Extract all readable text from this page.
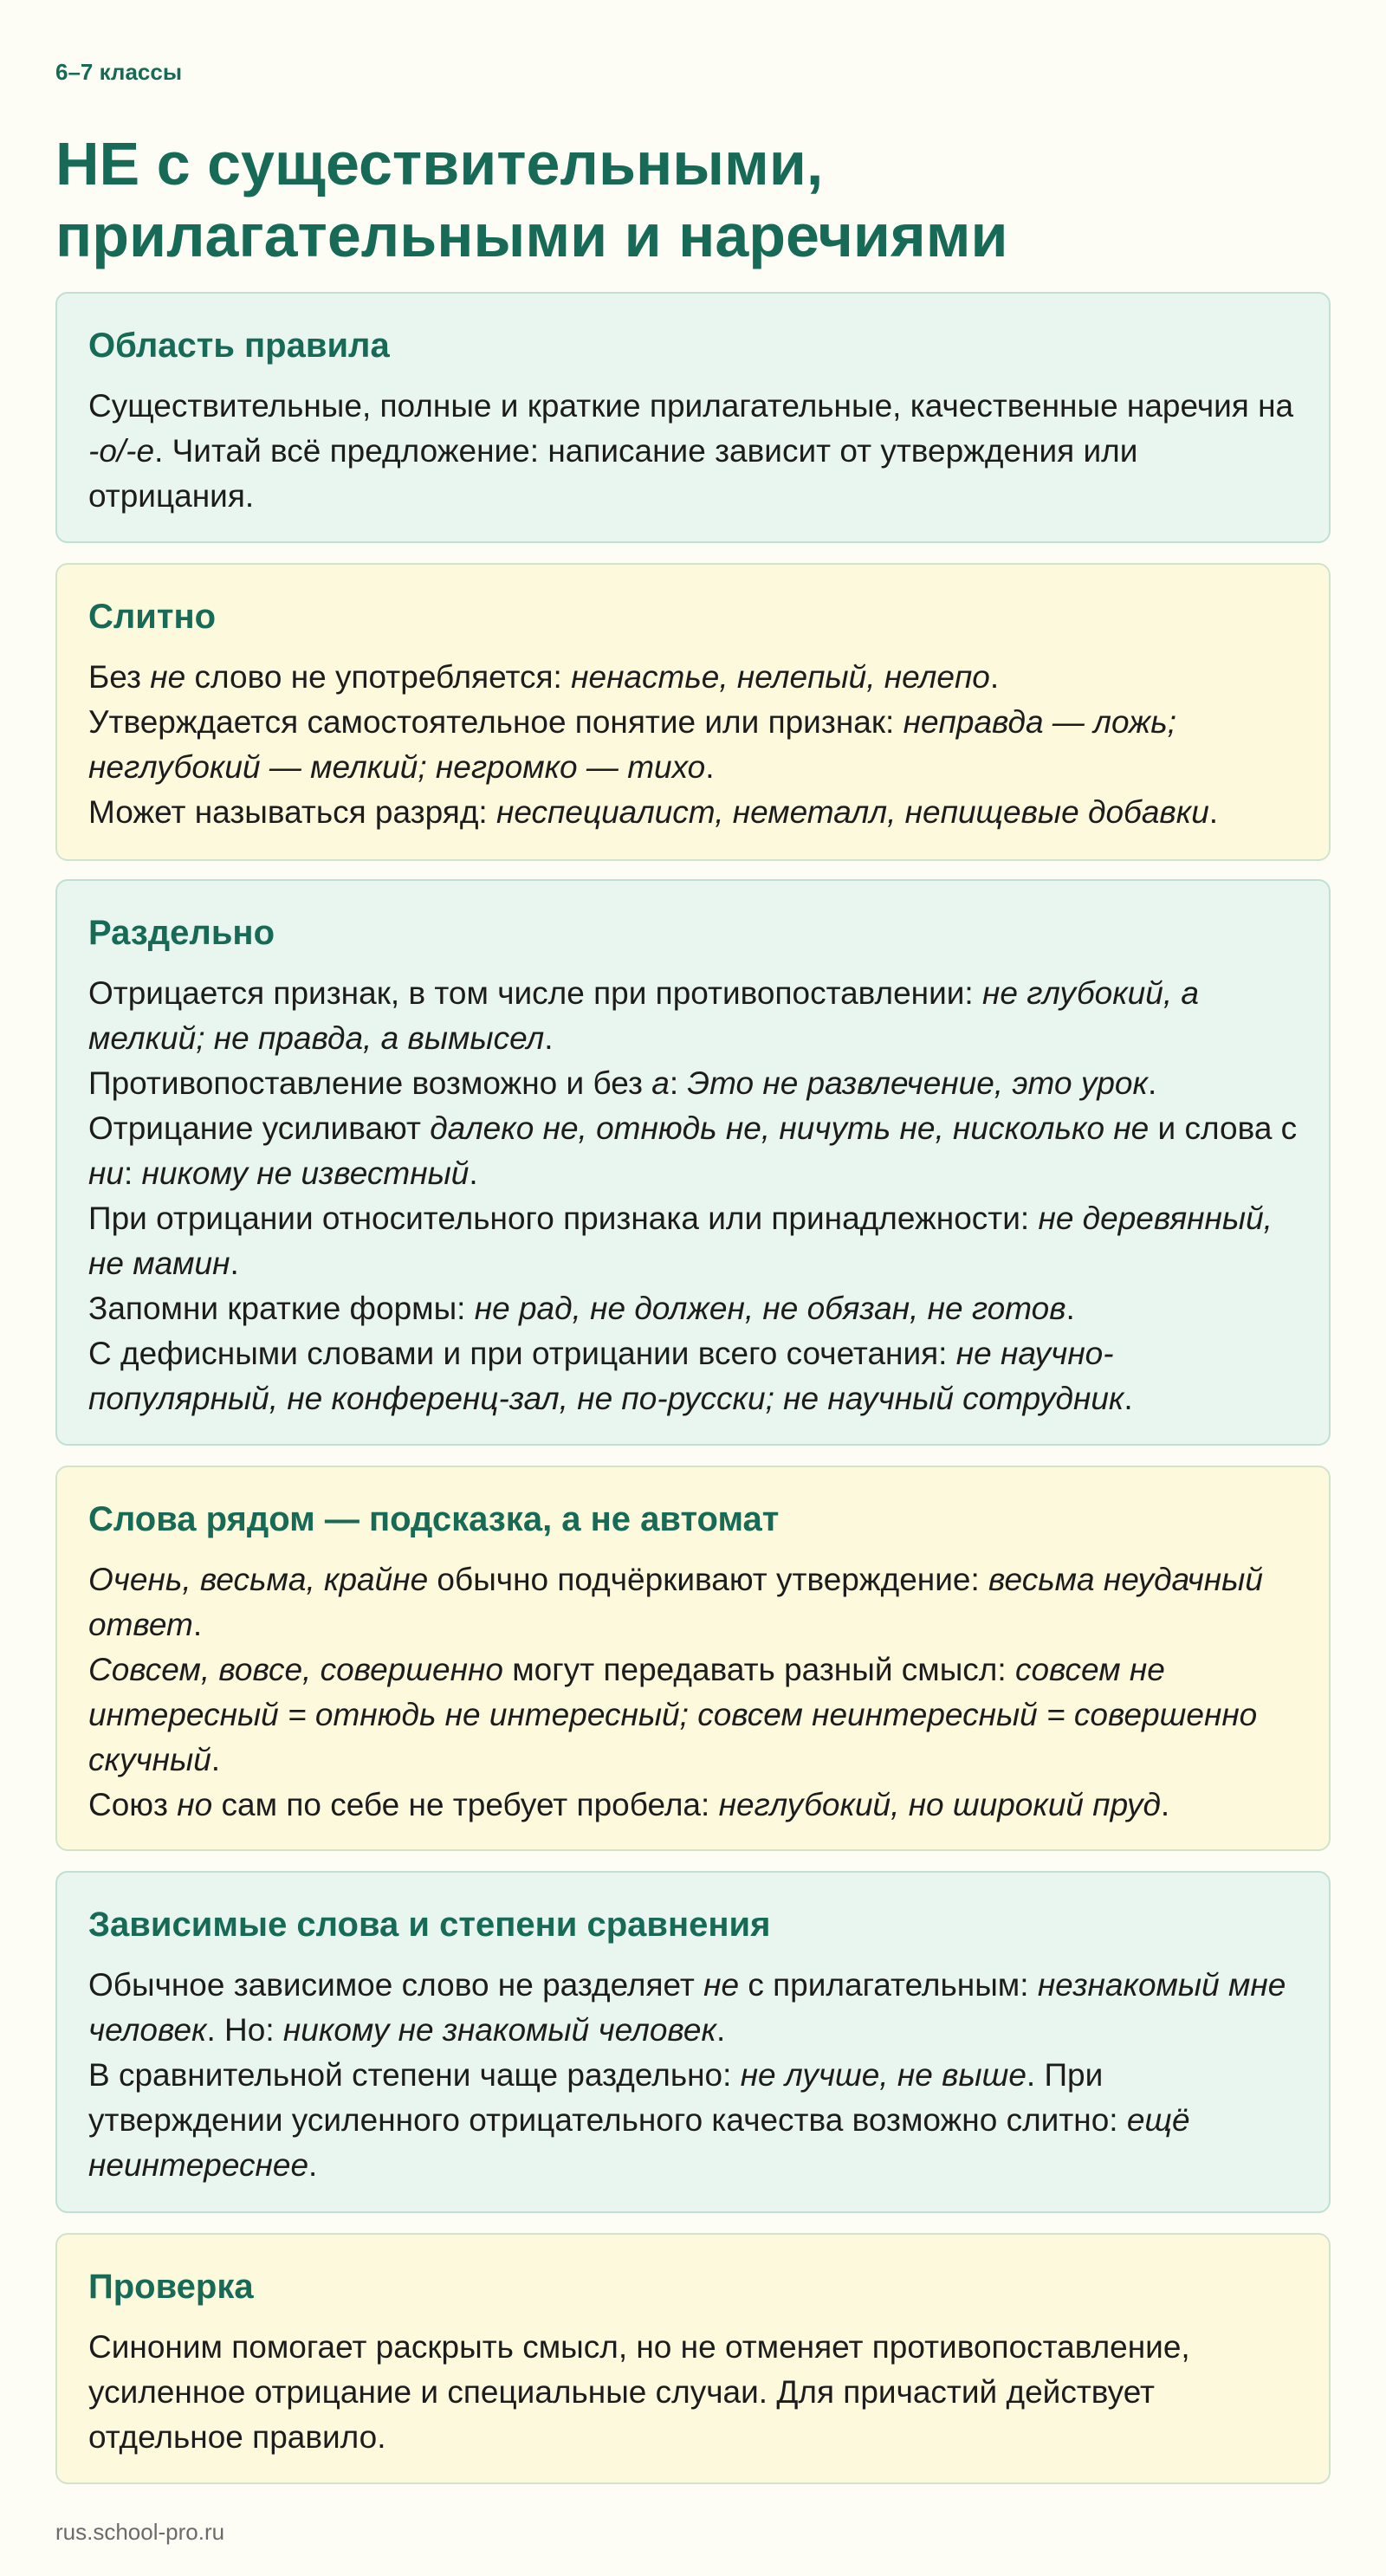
6–7 классы
НЕ с существительными,
прилагательными и наречиями
Область правила

Существительные, полные и краткие прилагательные, качественные наречия на -о/-е. Читай всё предложение: написание зависит от утверждения или отрицания.

Слитно

Без не слово не употребляется: ненастье, нелепый, нелепо.
Утверждается самостоятельное понятие или признак: неправда — ложь; неглубокий — мелкий; негромко — тихо.
Может называться разряд: неспециалист, неметалл, непищевые добавки.

Раздельно

Отрицается признак, в том числе при противопоставлении: не глубокий, а мелкий; не правда, а вымысел.
Противопоставление возможно и без а: Это не развлечение, это урок.
Отрицание усиливают далеко не, отнюдь не, ничуть не, нисколько не и слова с ни: никому не известный.
При отрицании относительного признака или принадлежности: не деревянный, не мамин.
Запомни краткие формы: не рад, не должен, не обязан, не готов.
С дефисными словами и при отрицании всего сочетания: не научно-популярный, не конференц-зал, не по-русски; не научный сотрудник.

Слова рядом — подсказка, а не автомат

Очень, весьма, крайне обычно подчёркивают утверждение: весьма неудачный ответ.
Совсем, вовсе, совершенно могут передавать разный смысл: совсем не интересный = отнюдь не интересный; совсем неинтересный = совершенно скучный.
Союз но сам по себе не требует пробела: неглубокий, но широкий пруд.

Зависимые слова и степени сравнения

Обычное зависимое слово не разделяет не с прилагательным: незнакомый мне человек. Но: никому не знакомый человек.
В сравнительной степени чаще раздельно: не лучше, не выше. При утверждении усиленного отрицательного качества возможно слитно: ещё неинтереснее.

Проверка

Синоним помогает раскрыть смысл, но не отменяет противопоставление, усиленное отрицание и специальные случаи. Для причастий действует отдельное правило.

rus.school-pro.ru
